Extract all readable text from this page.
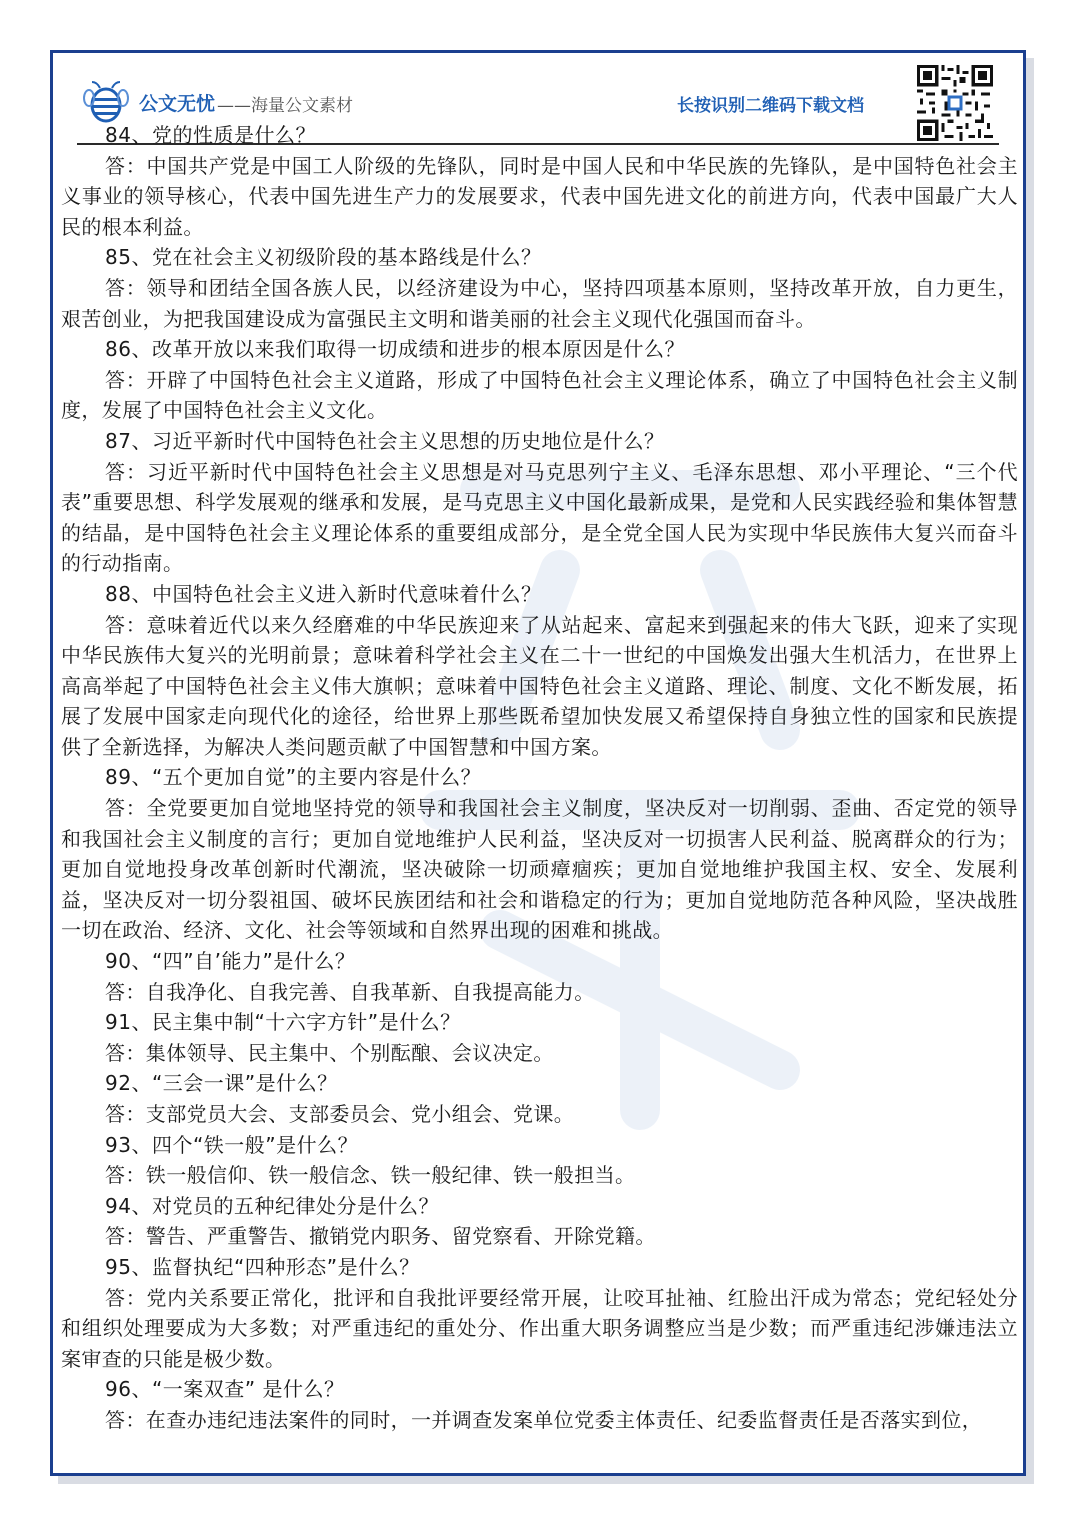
公文无忧 ——海量公文素材	长按识别二维码下载文档

84、党的性质是什么？

答：中国共产党是中国工人阶级的先锋队，同时是中国人民和中华民族的先锋队，是中国特色社会主义事业的领导核心，代表中国先进生产力的发展要求，代表中国先进文化的前进方向，代表中国最广大人民的根本利益。

85、党在社会主义初级阶段的基本路线是什么？

答：领导和团结全国各族人民，以经济建设为中心，坚持四项基本原则，坚持改革开放，自力更生，艰苦创业，为把我国建设成为富强民主文明和谐美丽的社会主义现代化强国而奋斗。

86、改革开放以来我们取得一切成绩和进步的根本原因是什么？

答：开辟了中国特色社会主义道路，形成了中国特色社会主义理论体系，确立了中国特色社会主义制度，发展了中国特色社会主义文化。

87、习近平新时代中国特色社会主义思想的历史地位是什么？

答：习近平新时代中国特色社会主义思想是对马克思列宁主义、毛泽东思想、邓小平理论、“三个代表”重要思想、科学发展观的继承和发展，是马克思主义中国化最新成果，是党和人民实践经验和集体智慧的结晶，是中国特色社会主义理论体系的重要组成部分，是全党全国人民为实现中华民族伟大复兴而奋斗的行动指南。

88、中国特色社会主义进入新时代意味着什么？

答：意味着近代以来久经磨难的中华民族迎来了从站起来、富起来到强起来的伟大飞跃，迎来了实现中华民族伟大复兴的光明前景；意味着科学社会主义在二十一世纪的中国焕发出强大生机活力，在世界上高高举起了中国特色社会主义伟大旗帜；意味着中国特色社会主义道路、理论、制度、文化不断发展，拓展了发展中国家走向现代化的途径，给世界上那些既希望加快发展又希望保持自身独立性的国家和民族提供了全新选择，为解决人类问题贡献了中国智慧和中国方案。

89、“五个更加自觉”的主要内容是什么？

答：全党要更加自觉地坚持党的领导和我国社会主义制度，坚决反对一切削弱、歪曲、否定党的领导和我国社会主义制度的言行；更加自觉地维护人民利益，坚决反对一切损害人民利益、脱离群众的行为；更加自觉地投身改革创新时代潮流，坚决破除一切顽瘴痼疾；更加自觉地维护我国主权、安全、发展利益，坚决反对一切分裂祖国、破坏民族团结和社会和谐稳定的行为；更加自觉地防范各种风险，坚决战胜一切在政治、经济、文化、社会等领域和自然界出现的困难和挑战。

90、“四”自’能力”是什么？

答：自我净化、自我完善、自我革新、自我提高能力。

91、民主集中制“十六字方针”是什么？

答：集体领导、民主集中、个别酝酿、会议决定。

92、“三会一课”是什么？

答：支部党员大会、支部委员会、党小组会、党课。

93、四个“铁一般”是什么？

答：铁一般信仰、铁一般信念、铁一般纪律、铁一般担当。

94、对党员的五种纪律处分是什么？

答：警告、严重警告、撤销党内职务、留党察看、开除党籍。

95、监督执纪“四种形态”是什么？

答：党内关系要正常化，批评和自我批评要经常开展，让咬耳扯袖、红脸出汗成为常态；党纪轻处分和组织处理要成为大多数；对严重违纪的重处分、作出重大职务调整应当是少数；而严重违纪涉嫌违法立案审查的只能是极少数。

96、“一案双查” 是什么？

答：在查办违纪违法案件的同时，一并调查发案单位党委主体责任、纪委监督责任是否落实到位，
